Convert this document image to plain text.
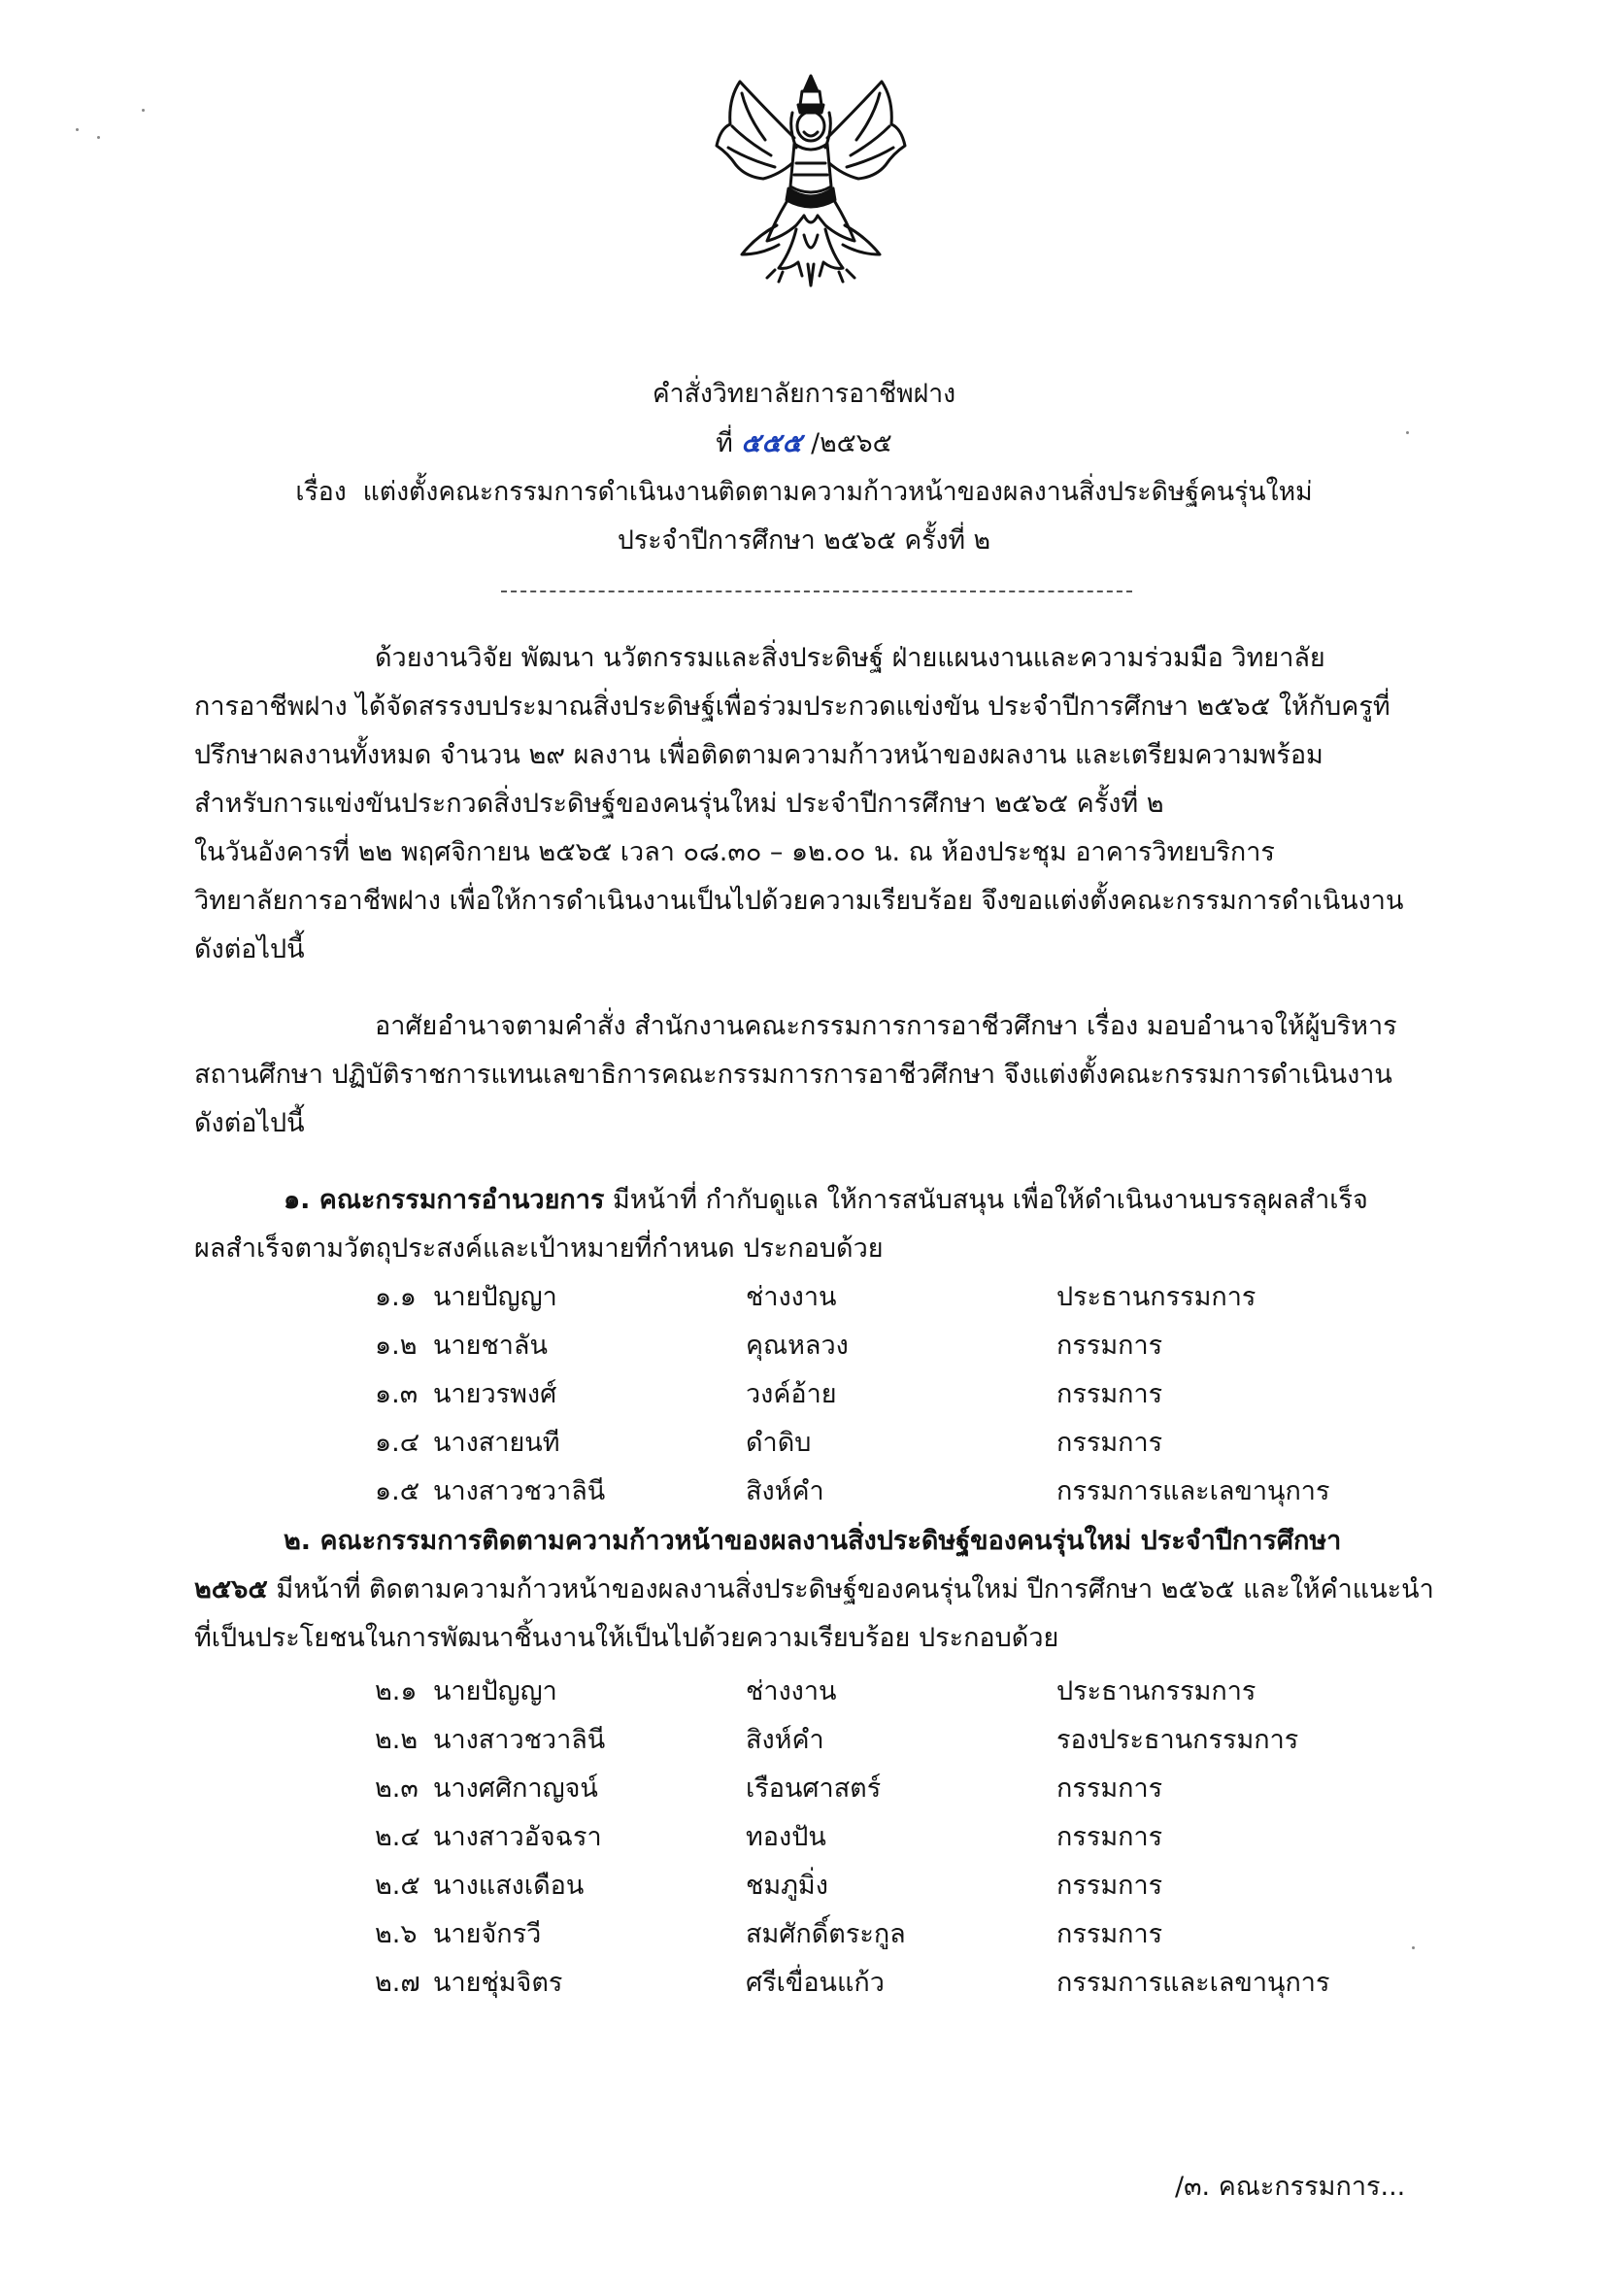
คำสั่งวิทยาลัยการอาชีพฝาง
ที่ ๕๕๕ /๒๕๖๕
เรื่อง แต่งตั้งคณะกรรมการดำเนินงานติดตามความก้าวหน้าของผลงานสิ่งประดิษฐ์คนรุ่นใหม่
ประจำปีการศึกษา ๒๕๖๕ ครั้งที่ ๒
ด้วยงานวิจัย พัฒนา นวัตกรรมและสิ่งประดิษฐ์ ฝ่ายแผนงานและความร่วมมือ วิทยาลัย
การอาชีพฝาง ได้จัดสรรงบประมาณสิ่งประดิษฐ์เพื่อร่วมประกวดแข่งขัน ประจำปีการศึกษา ๒๕๖๕ ให้กับครูที่
ปรึกษาผลงานทั้งหมด จำนวน ๒๙ ผลงาน เพื่อติดตามความก้าวหน้าของผลงาน และเตรียมความพร้อม
สำหรับการแข่งขันประกวดสิ่งประดิษฐ์ของคนรุ่นใหม่ ประจำปีการศึกษา ๒๕๖๕ ครั้งที่ ๒
ในวันอังคารที่ ๒๒ พฤศจิกายน ๒๕๖๕ เวลา ๐๘.๓๐ – ๑๒.๐๐ น. ณ ห้องประชุม อาคารวิทยบริการ
วิทยาลัยการอาชีพฝาง เพื่อให้การดำเนินงานเป็นไปด้วยความเรียบร้อย จึงขอแต่งตั้งคณะกรรมการดำเนินงาน
ดังต่อไปนี้
อาศัยอำนาจตามคำสั่ง สำนักงานคณะกรรมการการอาชีวศึกษา เรื่อง มอบอำนาจให้ผู้บริหาร
สถานศึกษา ปฏิบัติราชการแทนเลขาธิการคณะกรรมการการอาชีวศึกษา จึงแต่งตั้งคณะกรรมการดำเนินงาน
ดังต่อไปนี้
๑. คณะกรรมการอำนวยการ มีหน้าที่ กำกับดูแล ให้การสนับสนุน เพื่อให้ดำเนินงานบรรลุผลสำเร็จ
ผลสำเร็จตามวัตถุประสงค์และเป้าหมายที่กำหนด ประกอบด้วย
๑.๑ นายปัญญา	ช่างงาน	ประธานกรรมการ
๑.๒ นายชาลัน	คุณหลวง	กรรมการ
๑.๓ นายวรพงศ์	วงค์อ้าย	กรรมการ
๑.๔ นางสายนที	ดำดิบ	กรรมการ
๑.๕ นางสาวชวาลินี	สิงห์คำ	กรรมการและเลขานุการ
๒. คณะกรรมการติดตามความก้าวหน้าของผลงานสิ่งประดิษฐ์ของคนรุ่นใหม่ ประจำปีการศึกษา
๒๕๖๕ มีหน้าที่ ติดตามความก้าวหน้าของผลงานสิ่งประดิษฐ์ของคนรุ่นใหม่ ปีการศึกษา ๒๕๖๕ และให้คำแนะนำ
ที่เป็นประโยชนในการพัฒนาชิ้นงานให้เป็นไปด้วยความเรียบร้อย ประกอบด้วย
๒.๑ นายปัญญา	ช่างงาน	ประธานกรรมการ
๒.๒ นางสาวชวาลินี	สิงห์คำ	รองประธานกรรมการ
๒.๓ นางศศิกาญจน์	เรือนศาสตร์	กรรมการ
๒.๔ นางสาวอัจฉรา	ทองปัน	กรรมการ
๒.๕ นางแสงเดือน	ชมภูมิ่ง	กรรมการ
๒.๖ นายจักรวี	สมศักดิ์ตระกูล	กรรมการ
๒.๗ นายชุ่มจิตร	ศรีเขื่อนแก้ว	กรรมการและเลขานุการ
/๓. คณะกรรมการ...
